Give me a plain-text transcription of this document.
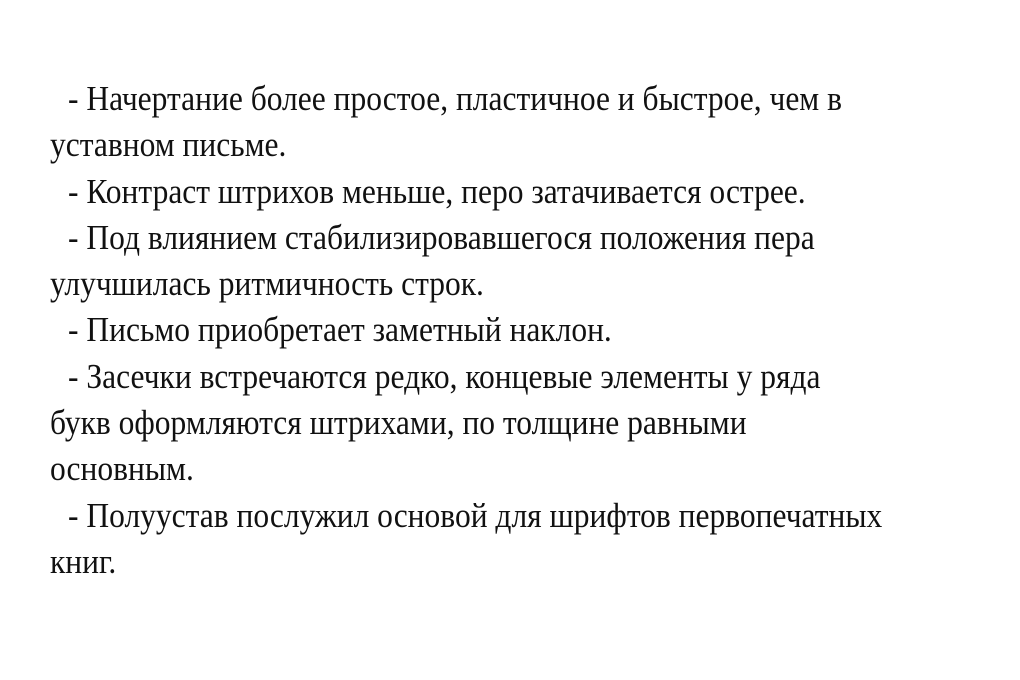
- Начертание более простое, пластичное и быстрое, чем в уставном письме.

- Контраст штрихов меньше, перо затачивается острее.

- Под влиянием стабилизировавшегося положения пера улучшилась ритмичность строк.

- Письмо приобретает заметный наклон.

- Засечки встречаются редко, концевые элементы у ряда букв оформляются штрихами, по толщине равными основным.

- Полуустав послужил основой для шрифтов первопечатных книг.
